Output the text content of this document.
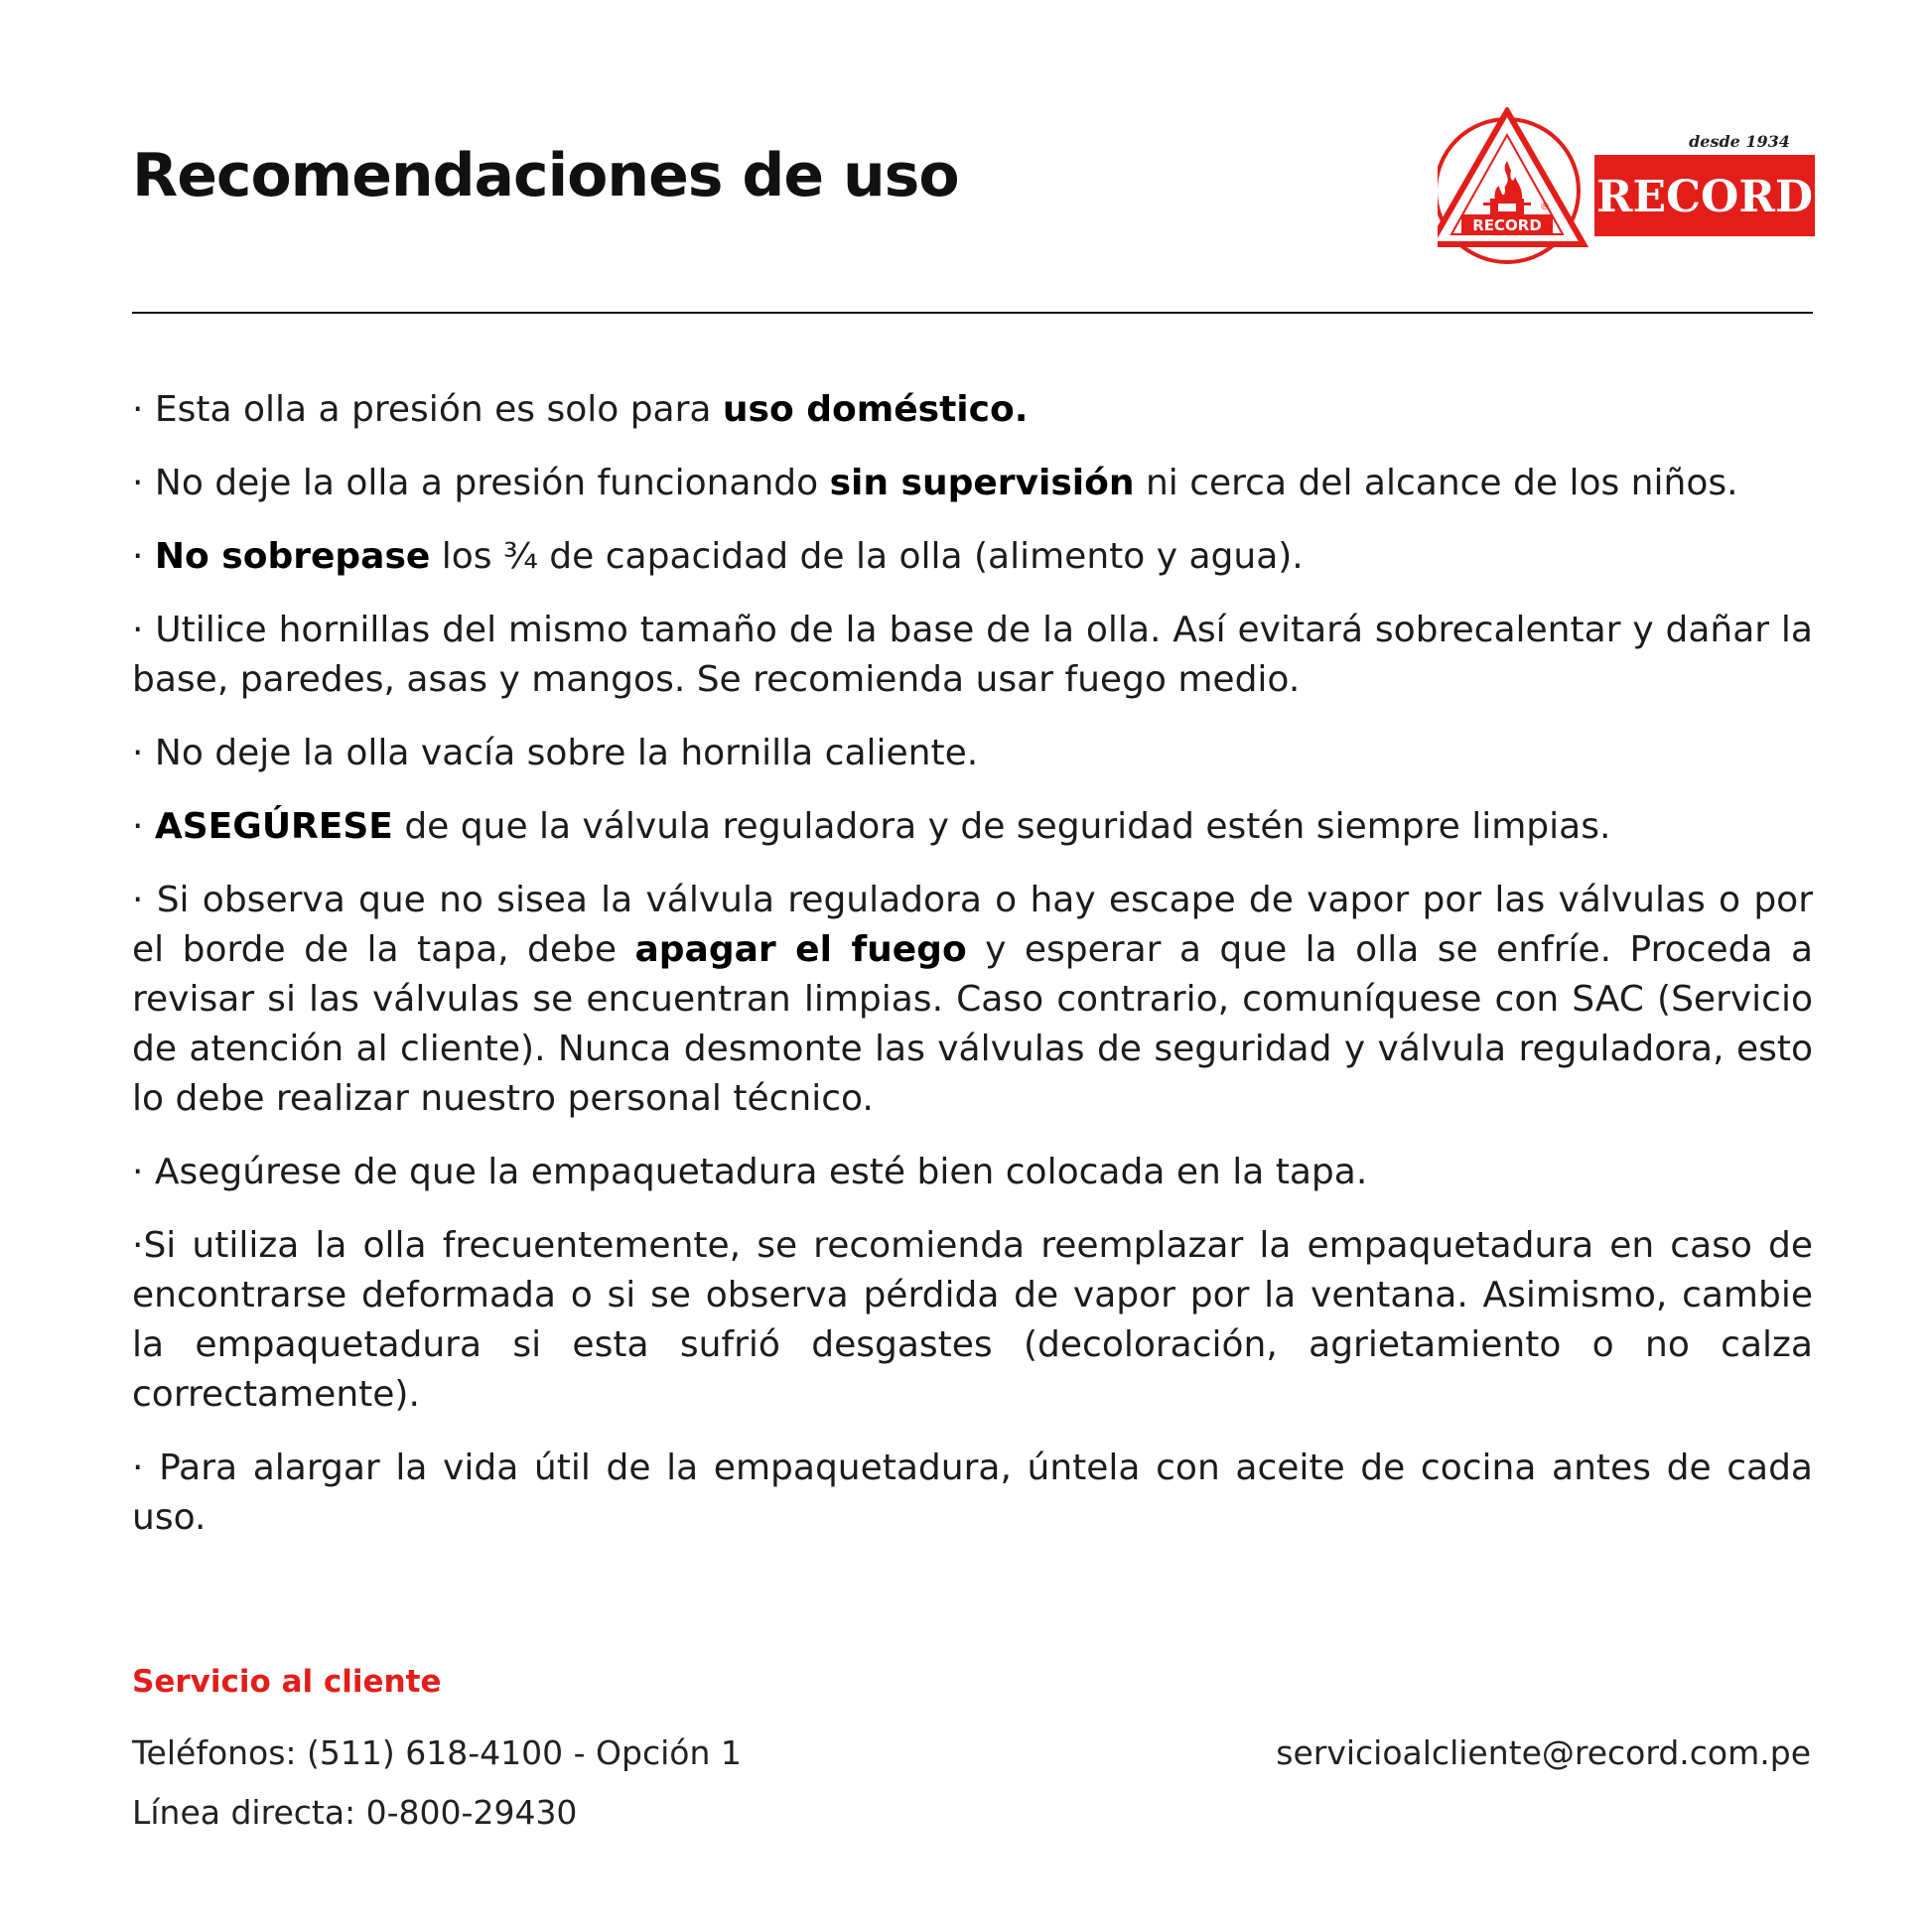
Recomendaciones de uso
RECORD
®
desde 1934
RECORD
· Esta olla a presión es solo para uso doméstico.
· No deje la olla a presión funcionando sin supervisión ni cerca del alcance de los niños.
· No sobrepase los ¾ de capacidad de la olla (alimento y agua).
· Utilice hornillas del mismo tamaño de la base de la olla. Así evitará sobrecalentar y dañar la base, paredes, asas y mangos. Se recomienda usar fuego medio.
· No deje la olla vacía sobre la hornilla caliente.
· ASEGÚRESE de que la válvula reguladora y de seguridad estén siempre limpias.
· Si observa que no sisea la válvula reguladora o hay escape de vapor por las válvulas o por el borde de la tapa, debe apagar el fuego y esperar a que la olla se enfríe. Proceda a revisar si las válvulas se encuentran limpias. Caso contrario, comuníquese con SAC (Servicio de atención al cliente). Nunca desmonte las válvulas de seguridad y válvula reguladora, esto lo debe realizar nuestro personal técnico.
· Asegúrese de que la empaquetadura esté bien colocada en la tapa.
·Si utiliza la olla frecuentemente, se recomienda reemplazar la empaquetadura en caso de encontrarse deformada o si se observa pérdida de vapor por la ventana. Asimismo, cambie la empaquetadura si esta sufrió desgastes (decoloración, agrietamiento o no calza correctamente).
· Para alargar la vida útil de la empaquetadura, úntela con aceite de cocina antes de cada uso.
Servicio al cliente
Teléfonos: (511) 618-4100 - Opción 1
Línea directa: 0-800-29430
servicioalcliente@record.com.pe
